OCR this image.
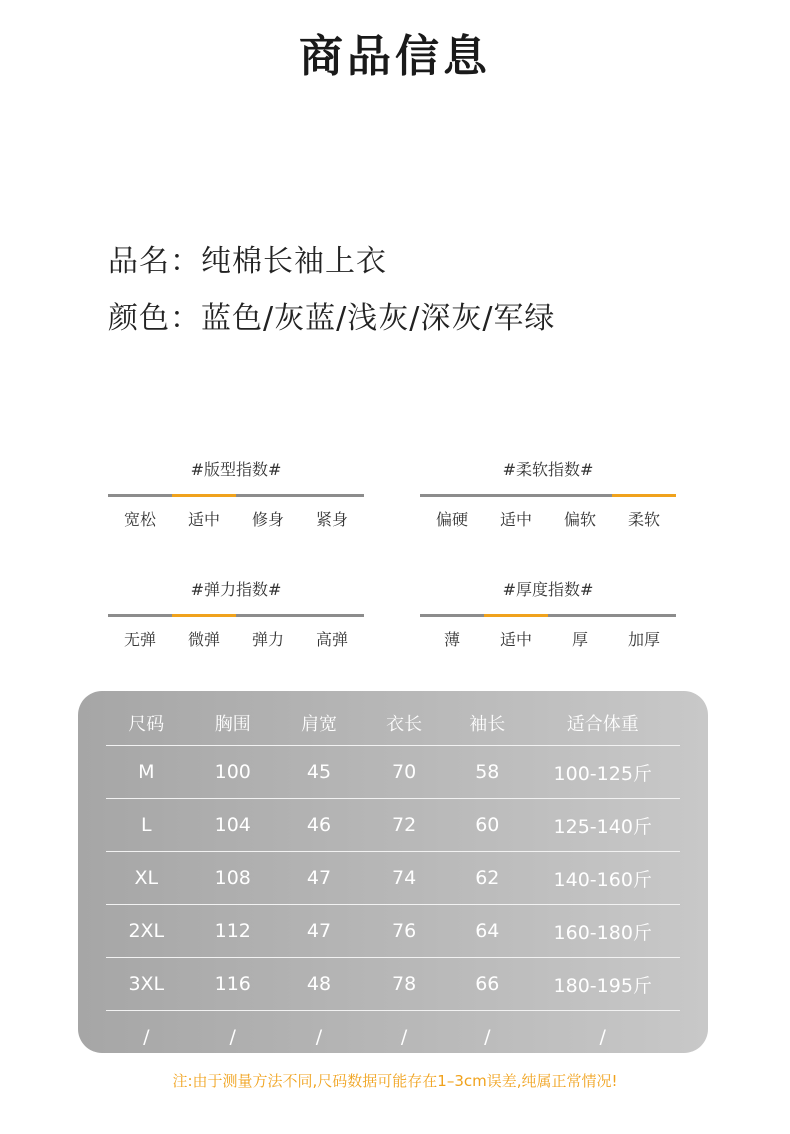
商品信息
品名：纯棉长袖上衣
颜色：蓝色/灰蓝/浅灰/深灰/军绿
#版型指数#
宽松	适中	修身	紧身
#柔软指数#
偏硬	适中	偏软	柔软
#弹力指数#
无弹	微弹	弹力	高弹
#厚度指数#
薄	适中	厚	加厚
尺码	胸围	肩宽	衣长	袖长	适合体重
M	100	45	70	58	100-125斤
L	104	46	72	60	125-140斤
XL	108	47	74	62	140-160斤
2XL	112	47	76	64	160-180斤
3XL	116	48	78	66	180-195斤
/	/	/	/	/	/
注:由于测量方法不同,尺码数据可能存在1–3cm误差,纯属正常情况!
